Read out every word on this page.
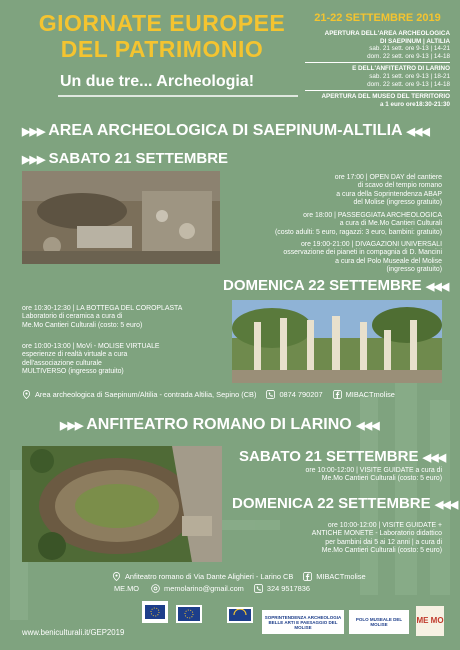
GIORNATE EUROPEE
DEL PATRIMONIO
Un due tre... Archeologia!
21-22 SETTEMBRE 2019
APERTURA DELL'AREA ARCHEOLOGICA
DI SAEPINUM | ALTILIA
sab. 21 sett. ore 9-13 | 14-21
dom. 22 sett. ore 9-13 | 14-18
E DELL'ANFITEATRO DI LARINO
sab. 21 sett. ore 9-13 | 18-21
dom. 22 sett. ore 9-13 | 14-18
APERTURA DEL MUSEO DEL TERRITORIO
a 1 euro ore18:30-21:30
▶▶▶ AREA ARCHEOLOGICA DI SAEPINUM-ALTILIA ◀◀◀
▶▶▶ SABATO 21 SETTEMBRE
ore 17:00 | OPEN DAY del cantiere
di scavo del tempio romano
a cura della Soprintendenza ABAP
del Molise (ingresso gratuito)
ore 18:00 | PASSEGGIATA ARCHEOLOGICA
a cura di Me.Mo Cantieri Culturali
(costo adulti: 5 euro, ragazzi: 3 euro, bambini: gratuito)
ore 19:00-21:00 | DIVAGAZIONI UNIVERSALI
osservazione dei pianeti in compagnia di D. Mancini
a cura del Polo Museale del Molise
(ingresso gratuito)
DOMENICA 22 SETTEMBRE ◀◀◀
ore 10:30-12:30 | LA BOTTEGA DEL COROPLASTA
Laboratorio di ceramica a cura di
Me.Mo Cantieri Culturali (costo: 5 euro)
ore 10:00-13:00 | MoVi - MOLISE VIRTUALE
esperienze di realtà virtuale a cura
dell'associazione culturale
MULTIVERSO (ingresso gratuito)
Area archeologica di Saepinum/Altilia - contrada Altilia, Sepino (CB)	0874 790207	MIBACTmolise
▶▶▶ ANFITEATRO ROMANO DI LARINO ◀◀◀
SABATO 21 SETTEMBRE ◀◀◀
ore 10:00-12:00 | VISITE GUIDATE a cura di
Me.Mo Cantieri Culturali (costo: 5 euro)
DOMENICA 22 SETTEMBRE ◀◀◀
ore 10:00-12:00 | VISITE GUIDATE +
ANTICHE MONETE - Laboratorio didattico
per bambini dai 5 ai 12 anni | a cura di
Me.Mo Cantieri Culturali (costo: 5 euro)
Anfiteatro romano di Via Dante Alighieri - Larino CB	MIBACTmolise
ME.MO	memolarino@gmail.com	324 9517836
SOPRINTENDENZA ARCHEOLOGIA BELLE ARTI E PAESAGGIO DEL MOLISE
POLO MUSEALE DEL MOLISE	ME MO
www.beniculturali.it/GEP2019
